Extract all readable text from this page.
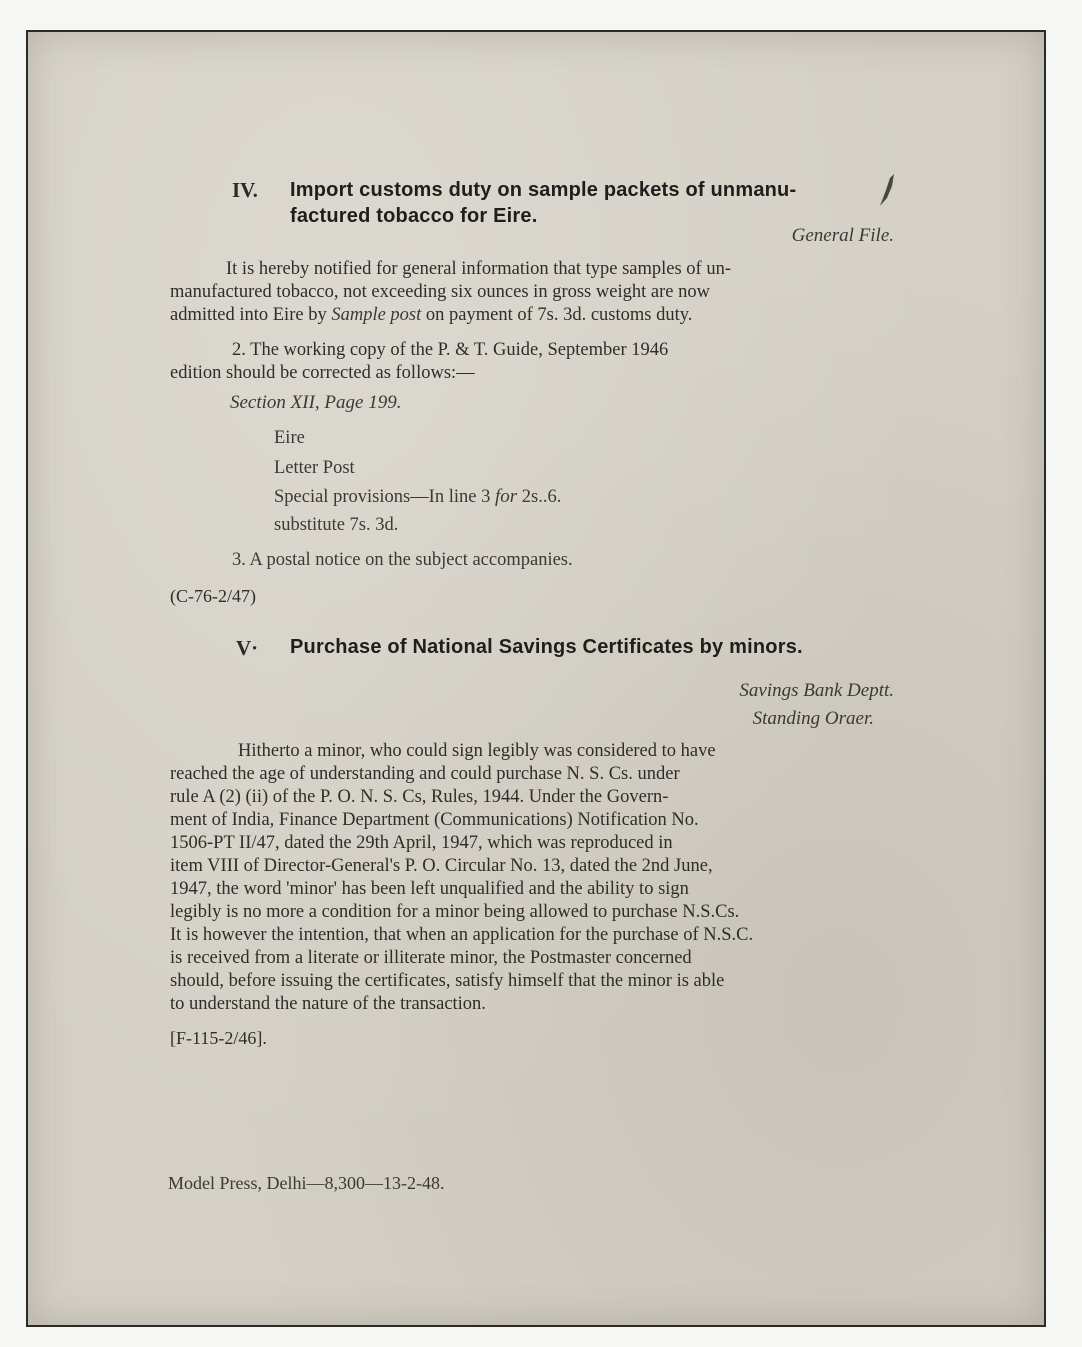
IV. Import customs duty on sample packets of unmanu-
factured tobacco for Eire.
General File.
It is hereby notified for general information that type samples of un-
manufactured tobacco, not exceeding six ounces in gross weight are now
admitted into Eire by Sample post on payment of 7s. 3d. customs duty.
2. The working copy of the P. & T. Guide, September 1946
edition should be corrected as follows:—
Section XII, Page 199.
Eire
Letter Post
Special provisions—In line 3 for 2s..6.
substitute 7s. 3d.
3. A postal notice on the subject accompanies.
(C-76-2/47)
V· Purchase of National Savings Certificates by minors.
Savings Bank Deptt.
Standing Oraer.
Hitherto a minor, who could sign legibly was considered to have
reached the age of understanding and could purchase N. S. Cs. under
rule A (2) (ii) of the P. O. N. S. Cs, Rules, 1944. Under the Govern-
ment of India, Finance Department (Communications) Notification No.
1506-PT II/47, dated the 29th April, 1947, which was reproduced in
item VIII of Director-General's P. O. Circular No. 13, dated the 2nd June,
1947, the word 'minor' has been left unqualified and the ability to sign
legibly is no more a condition for a minor being allowed to purchase N.S.Cs.
It is however the intention, that when an application for the purchase of N.S.C.
is received from a literate or illiterate minor, the Postmaster concerned
should, before issuing the certificates, satisfy himself that the minor is able
to understand the nature of the transaction.
[F-115-2/46].
Model Press, Delhi—8,300—13-2-48.
